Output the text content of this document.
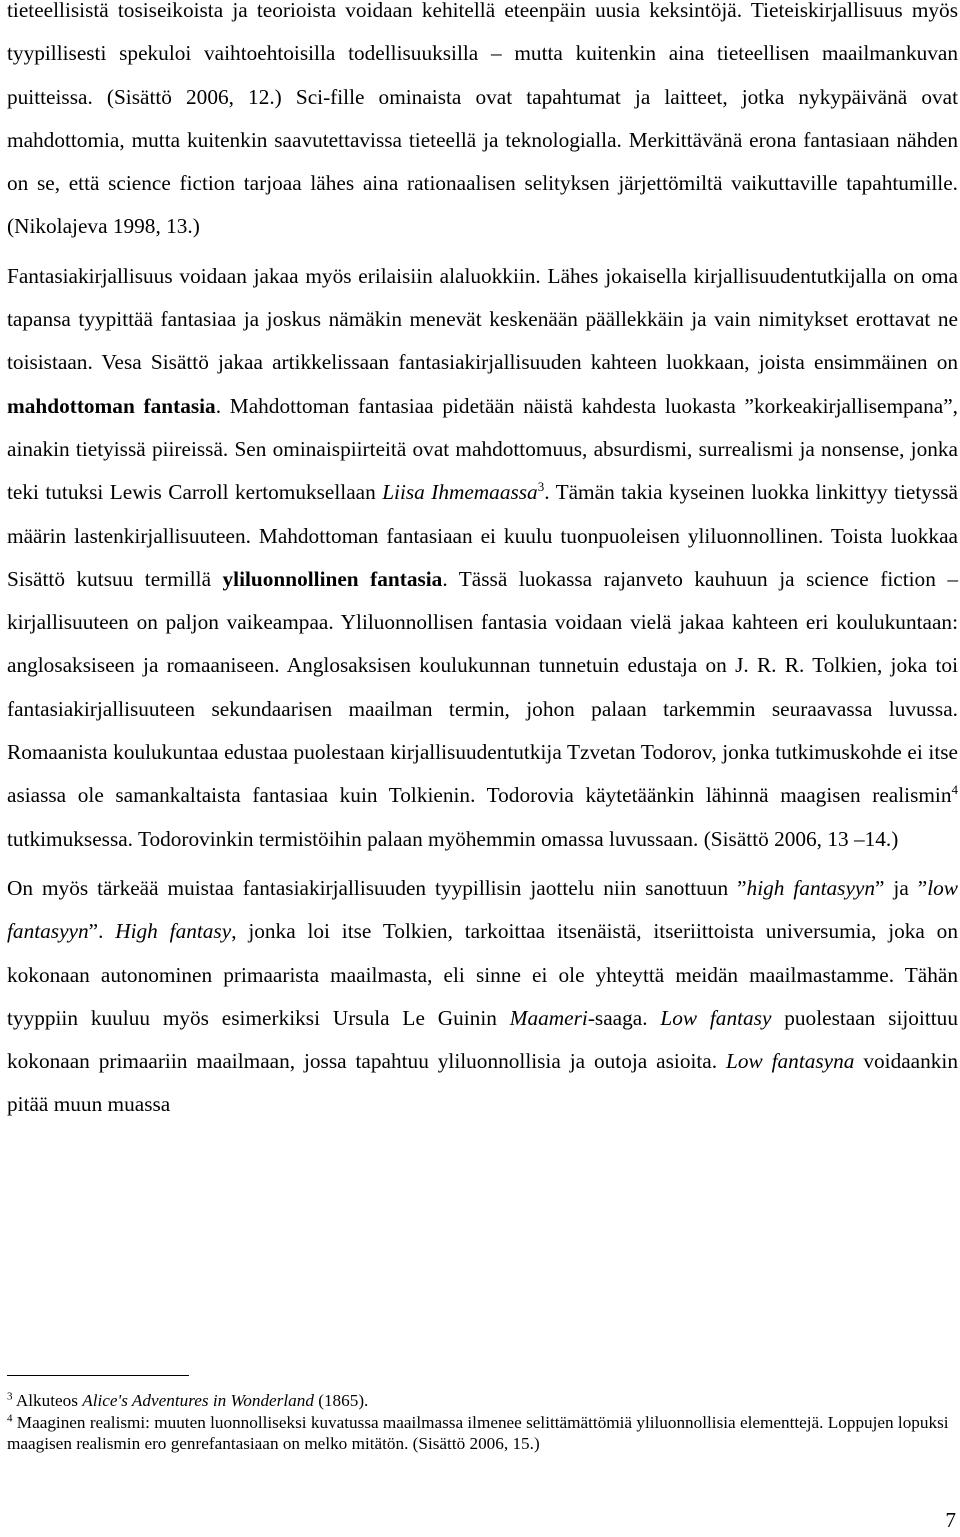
tieteellisistä tosiseikoista ja teorioista voidaan kehitellä eteenpäin uusia keksintöjä. Tieteiskirjallisuus myös tyypillisesti spekuloi vaihtoehtoisilla todellisuuksilla – mutta kuitenkin aina tieteellisen maailmankuvan puitteissa. (Sisättö 2006, 12.) Sci-fille ominaista ovat tapahtumat ja laitteet, jotka nykypäivänä ovat mahdottomia, mutta kuitenkin saavutettavissa tieteellä ja teknologialla. Merkittävänä erona fantasiaan nähden on se, että science fiction tarjoaa lähes aina rationaalisen selityksen järjettömiltä vaikuttaville tapahtumille. (Nikolajeva 1998, 13.)

Fantasiakirjallisuus voidaan jakaa myös erilaisiin alaluokkiin. Lähes jokaisella kirjallisuudentutkijalla on oma tapansa tyypittää fantasiaa ja joskus nämäkin menevät keskenään päällekkäin ja vain nimitykset erottavat ne toisistaan. Vesa Sisättö jakaa artikkelissaan fantasiakirjallisuuden kahteen luokkaan, joista ensimmäinen on mahdottoman fantasia. Mahdottoman fantasiaa pidetään näistä kahdesta luokasta ”korkeakirjallisempana”, ainakin tietyissä piireissä. Sen ominaispiirteitä ovat mahdottomuus, absurdismi, surrealismi ja nonsense, jonka teki tutuksi Lewis Carroll kertomuksellaan Liisa Ihmemaassa$^3$. Tämän takia kyseinen luokka linkittyy tietyssä määrin lastenkirjallisuuteen. Mahdottoman fantasiaan ei kuulu tuonpuoleisen yliluonnollinen. Toista luokkaa Sisättö kutsuu termillä yliluonnollinen fantasia. Tässä luokassa rajanveto kauhuun ja science fiction – kirjallisuuteen on paljon vaikeampaa. Yliluonnollisen fantasia voidaan vielä jakaa kahteen eri koulukuntaan: anglosaksiseen ja romaaniseen. Anglosaksisen koulukunnan tunnetuin edustaja on J. R. R. Tolkien, joka toi fantasiakirjallisuuteen sekundaarisen maailman termin, johon palaan tarkemmin seuraavassa luvussa. Romaanista koulukuntaa edustaa puolestaan kirjallisuudentutkija Tzvetan Todorov, jonka tutkimuskohde ei itse asiassa ole samankaltaista fantasiaa kuin Tolkienin. Todorovia käytetäänkin lähinnä maagisen realismin$^4$ tutkimuksessa. Todorovinkin termistöihin palaan myöhemmin omassa luvussaan. (Sisättö 2006, 13 –14.)

On myös tärkeää muistaa fantasiakirjallisuuden tyypillisin jaottelu niin sanottuun ”high fantasyyn” ja ”low fantasyyn”. High fantasy, jonka loi itse Tolkien, tarkoittaa itsenäistä, itseriittoista universumia, joka on kokonaan autonominen primaarista maailmasta, eli sinne ei ole yhteyttä meidän maailmastamme. Tähän tyyppiin kuuluu myös esimerkiksi Ursula Le Guinin Maameri-saaga. Low fantasy puolestaan sijoittuu kokonaan primaariin maailmaan, jossa tapahtuu yliluonnollisia ja outoja asioita. Low fantasyna voidaankin pitää muun muassa

$^3$ Alkuteos Alice's Adventures in Wonderland (1865).

$^4$ Maaginen realismi: muuten luonnolliseksi kuvatussa maailmassa ilmenee selittämättömiä yliluonnollisia elementtejä. Loppujen lopuksi maagisen realismin ero genrefantasiaan on melko mitätön. (Sisättö 2006, 15.)

7
